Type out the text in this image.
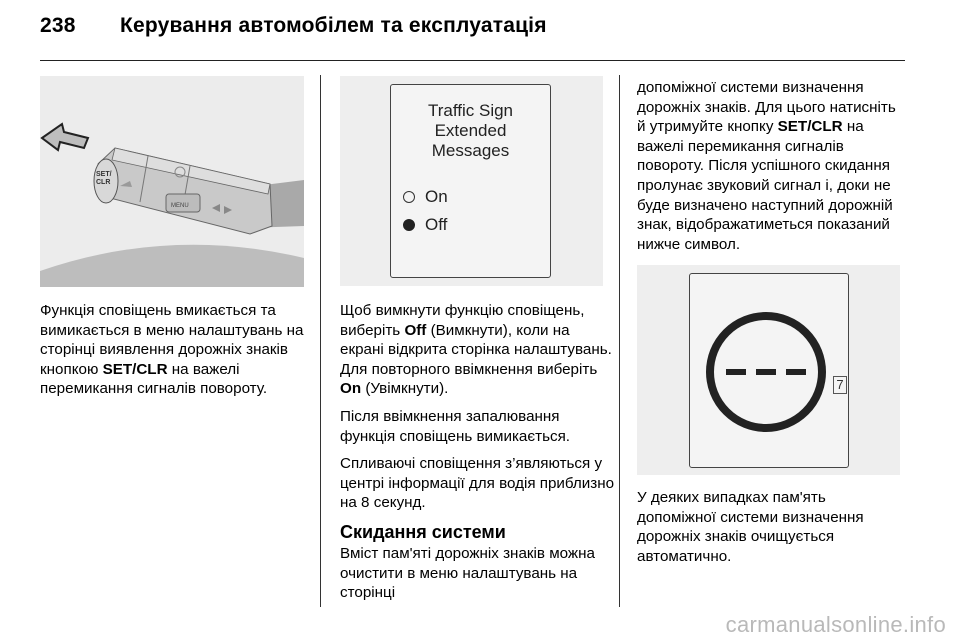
238 Керування автомобілем та експлуатація
SET/
CLR
MENU
Traffic Sign
Extended
Messages
On
Off
7

Функція сповіщень вмикається та вимикається в меню налаштувань на сторінці виявлення дорожніх знаків кнопкою SET/CLR на важелі перемикання сигналів повороту.

Щоб вимкнути функцію сповіщень, виберіть Off (Вимкнути), коли на екрані відкрита сторінка налаштувань. Для повторного ввімкнення виберіть On (Увімкнути).

Після ввімкнення запалювання функція сповіщень вимикається.

Спливаючі сповіщення з’являються у центрі інформації для водія приблизно на 8 секунд.

Скидання системи

Вміст пам'яті дорожніх знаків можна очистити в меню налаштувань на сторінці

допоміжної системи визначення дорожніх знаків. Для цього натисніть й утримуйте кнопку SET/CLR на важелі перемикання сигналів повороту. Після успішного скидання пролунає звуковий сигнал і, доки не буде визначено наступний дорожній знак, відображатиметься показаний нижче символ.

У деяких випадках пам'ять допоміжної системи визначення дорожніх знаків очищується автоматично.

carmanualsonline.info
